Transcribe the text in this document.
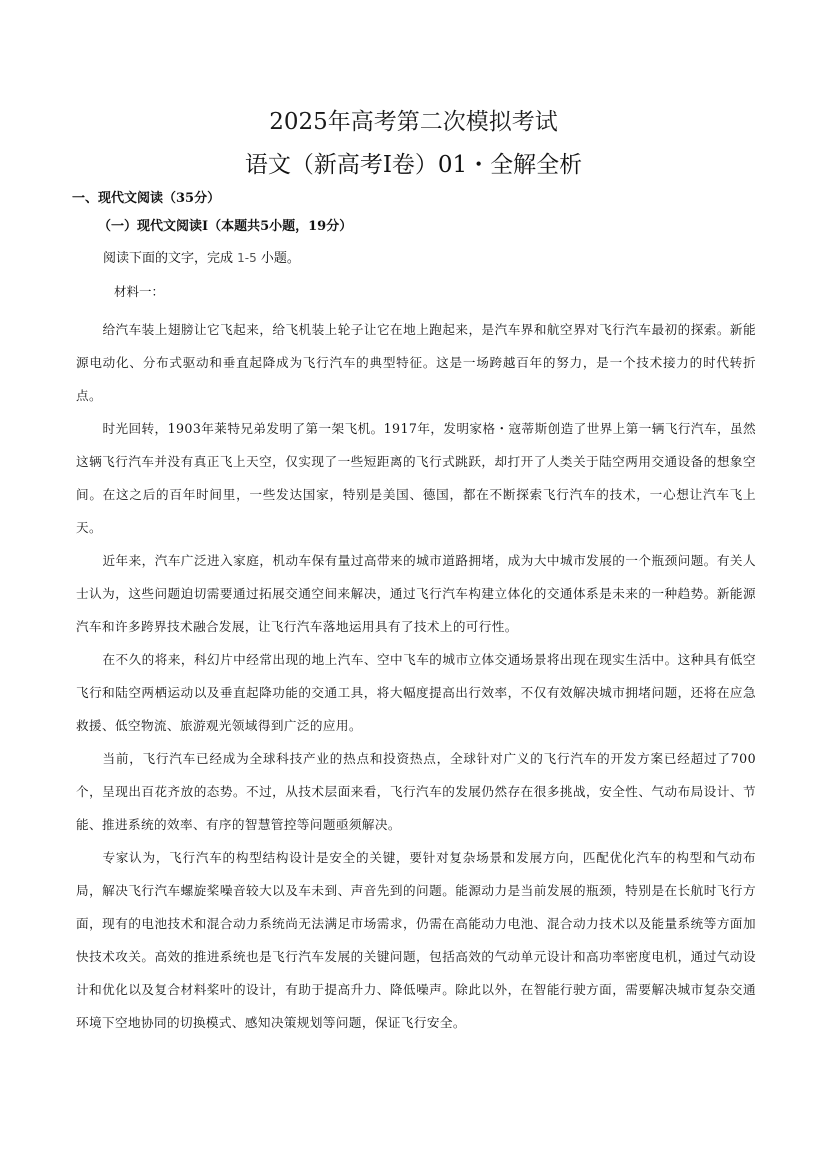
2025年高考第二次模拟考试
语文（新高考Ⅰ卷）01・全解全析
一、现代文阅读（35分）
（一）现代文阅读Ⅰ（本题共5小题，19分）
阅读下面的文字，完成 1-5 小题。
材料一：

给汽车装上翅膀让它飞起来，给飞机装上轮子让它在地上跑起来，是汽车界和航空界对飞行汽车最初的探索。新能源电动化、分布式驱动和垂直起降成为飞行汽车的典型特征。这是一场跨越百年的努力，是一个技术接力的时代转折点。

时光回转，1903年莱特兄弟发明了第一架飞机。1917年，发明家格・寇蒂斯创造了世界上第一辆飞行汽车，虽然这辆飞行汽车并没有真正飞上天空，仅实现了一些短距离的飞行式跳跃，却打开了人类关于陆空两用交通设备的想象空间。在这之后的百年时间里，一些发达国家，特别是美国、德国，都在不断探索飞行汽车的技术，一心想让汽车飞上天。

近年来，汽车广泛进入家庭，机动车保有量过高带来的城市道路拥堵，成为大中城市发展的一个瓶颈问题。有关人士认为，这些问题迫切需要通过拓展交通空间来解决，通过飞行汽车构建立体化的交通体系是未来的一种趋势。新能源汽车和许多跨界技术融合发展，让飞行汽车落地运用具有了技术上的可行性。

在不久的将来，科幻片中经常出现的地上汽车、空中飞车的城市立体交通场景将出现在现实生活中。这种具有低空飞行和陆空两栖运动以及垂直起降功能的交通工具，将大幅度提高出行效率，不仅有效解决城市拥堵问题，还将在应急救援、低空物流、旅游观光领域得到广泛的应用。

当前，飞行汽车已经成为全球科技产业的热点和投资热点，全球针对广义的飞行汽车的开发方案已经超过了700个，呈现出百花齐放的态势。不过，从技术层面来看，飞行汽车的发展仍然存在很多挑战，安全性、气动布局设计、节能、推进系统的效率、有序的智慧管控等问题亟须解决。

专家认为，飞行汽车的构型结构设计是安全的关键，要针对复杂场景和发展方向，匹配优化汽车的构型和气动布局，解决飞行汽车螺旋桨噪音较大以及车未到、声音先到的问题。能源动力是当前发展的瓶颈，特别是在长航时飞行方面，现有的电池技术和混合动力系统尚无法满足市场需求，仍需在高能动力电池、混合动力技术以及能量系统等方面加快技术攻关。高效的推进系统也是飞行汽车发展的关键问题，包括高效的气动单元设计和高功率密度电机，通过气动设计和优化以及复合材料桨叶的设计，有助于提高升力、降低噪声。除此以外，在智能行驶方面，需要解决城市复杂交通环境下空地协同的切换模式、感知决策规划等问题，保证飞行安全。
